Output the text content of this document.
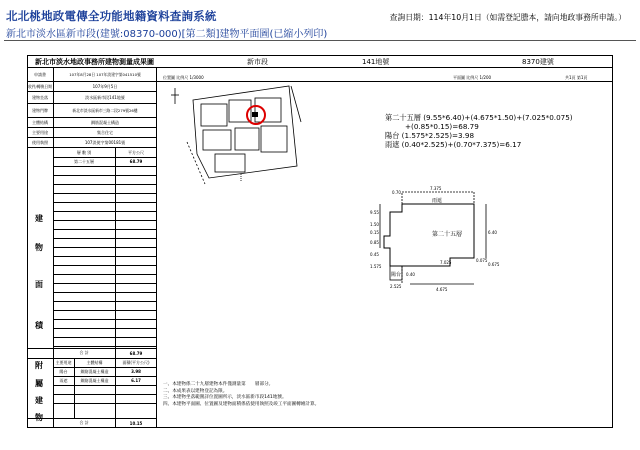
北北桃地政電傳全功能地籍資料查詢系統
新北市淡水區新市段(建號:08370-000)[第二類]建物平面圖(已縮小列印)
查詢日期：114年10月1日（如需登記謄本，請向地政事務所申請。）
新北市淡水地政事務所建物測量成果圖	新市段	141地號	8370建號
申請書	107年8月28日 107年淡建字第041510號
收件/轉換日期	107年9月5日
建物坐落	淡水區新市段141地號
建物門牌	新北市淡水區新市三路二段279號26樓
主體結構	鋼筋混凝土構造
主要用途	集合住宅
使用執照	107淡使字第00181號
層 數 別	平方公尺
第二十五層	68.79
建
物
面
積
合 計	68.79
主要用途	主體結構	面積(平方公尺)
陽台	鋼筋混凝土構造	3.98
雨遮	鋼筋混凝土構造	6.17
附
屬
建
物
合 計	10.15
位置圖 比例尺 1/3000	平面圖 比例尺 1/200	共1頁 第1頁
第二十五層 (9.55*6.40)+(4.675*1.50)+(7.025*0.075)
+(0.85*0.15)=68.79
陽台 (1.575*2.525)=3.98
雨遮 (0.40*2.525)+(0.70*7.375)=6.17
雨遮
第二十五層
陽台
7.375
9.55
6.40
0.70
0.075
7.025
4.675
2.525
0.85
1.575
0.45
1.50
0.15
0.40
0.675
一、本建物係二十九層建物本件僅測量第　　層部分。
二、本成果表以建物登記為限。
三、本建物坐落範圍詳位置圖所示，淡水區新市段141地號。
四、本建物平面圖、位置圖及建物面積係依使用執照及竣工平面圖轉繪計算。
